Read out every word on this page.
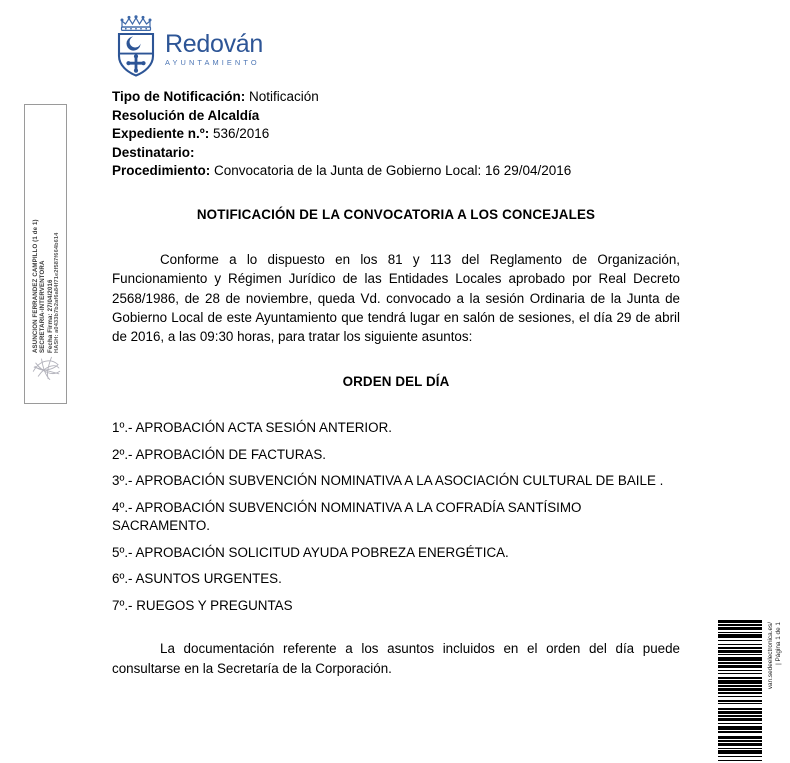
ASUNCION FERRANDEZ CAMPILLO (1 de 1) SECRETARIA-INTERVENTORA Fecha Firma: 27/04/2016 HASH: a0433b7b2af6a84f71e2f587f664b614
Redován
AYUNTAMIENTO
Tipo de Notificación: Notificación
Resolución de Alcaldía
Expediente n.º: 536/2016
Destinatario:
Procedimiento: Convocatoria de la Junta de Gobierno Local: 16 29/04/2016
NOTIFICACIÓN DE LA CONVOCATORIA A LOS CONCEJALES
Conforme a lo dispuesto en los 81 y 113 del Reglamento de Organización, Funcionamiento y Régimen Jurídico de las Entidades Locales aprobado por Real Decreto 2568/1986, de 28 de noviembre, queda Vd. convocado a la sesión Ordinaria de la Junta de Gobierno Local de este Ayuntamiento que tendrá lugar en salón de sesiones, el día 29 de abril de 2016, a las 09:30 horas, para tratar los siguiente asuntos:
ORDEN DEL DÍA
1º.- APROBACIÓN ACTA SESIÓN ANTERIOR.
2º.- APROBACIÓN DE FACTURAS.
3º.- APROBACIÓN SUBVENCIÓN NOMINATIVA A LA ASOCIACIÓN CULTURAL DE BAILE .
4º.- APROBACIÓN SUBVENCIÓN NOMINATIVA A LA COFRADÍA SANTÍSIMO SACRAMENTO.
5º.- APROBACIÓN SOLICITUD AYUDA POBREZA ENERGÉTICA.
6º.- ASUNTOS URGENTES.
7º.- RUEGOS Y PREGUNTAS
La documentación referente a los asuntos incluidos en el orden del día puede consultarse en la Secretaría de la Corporación.	van.sedeelectronica.es/ | Página 1 de 1
